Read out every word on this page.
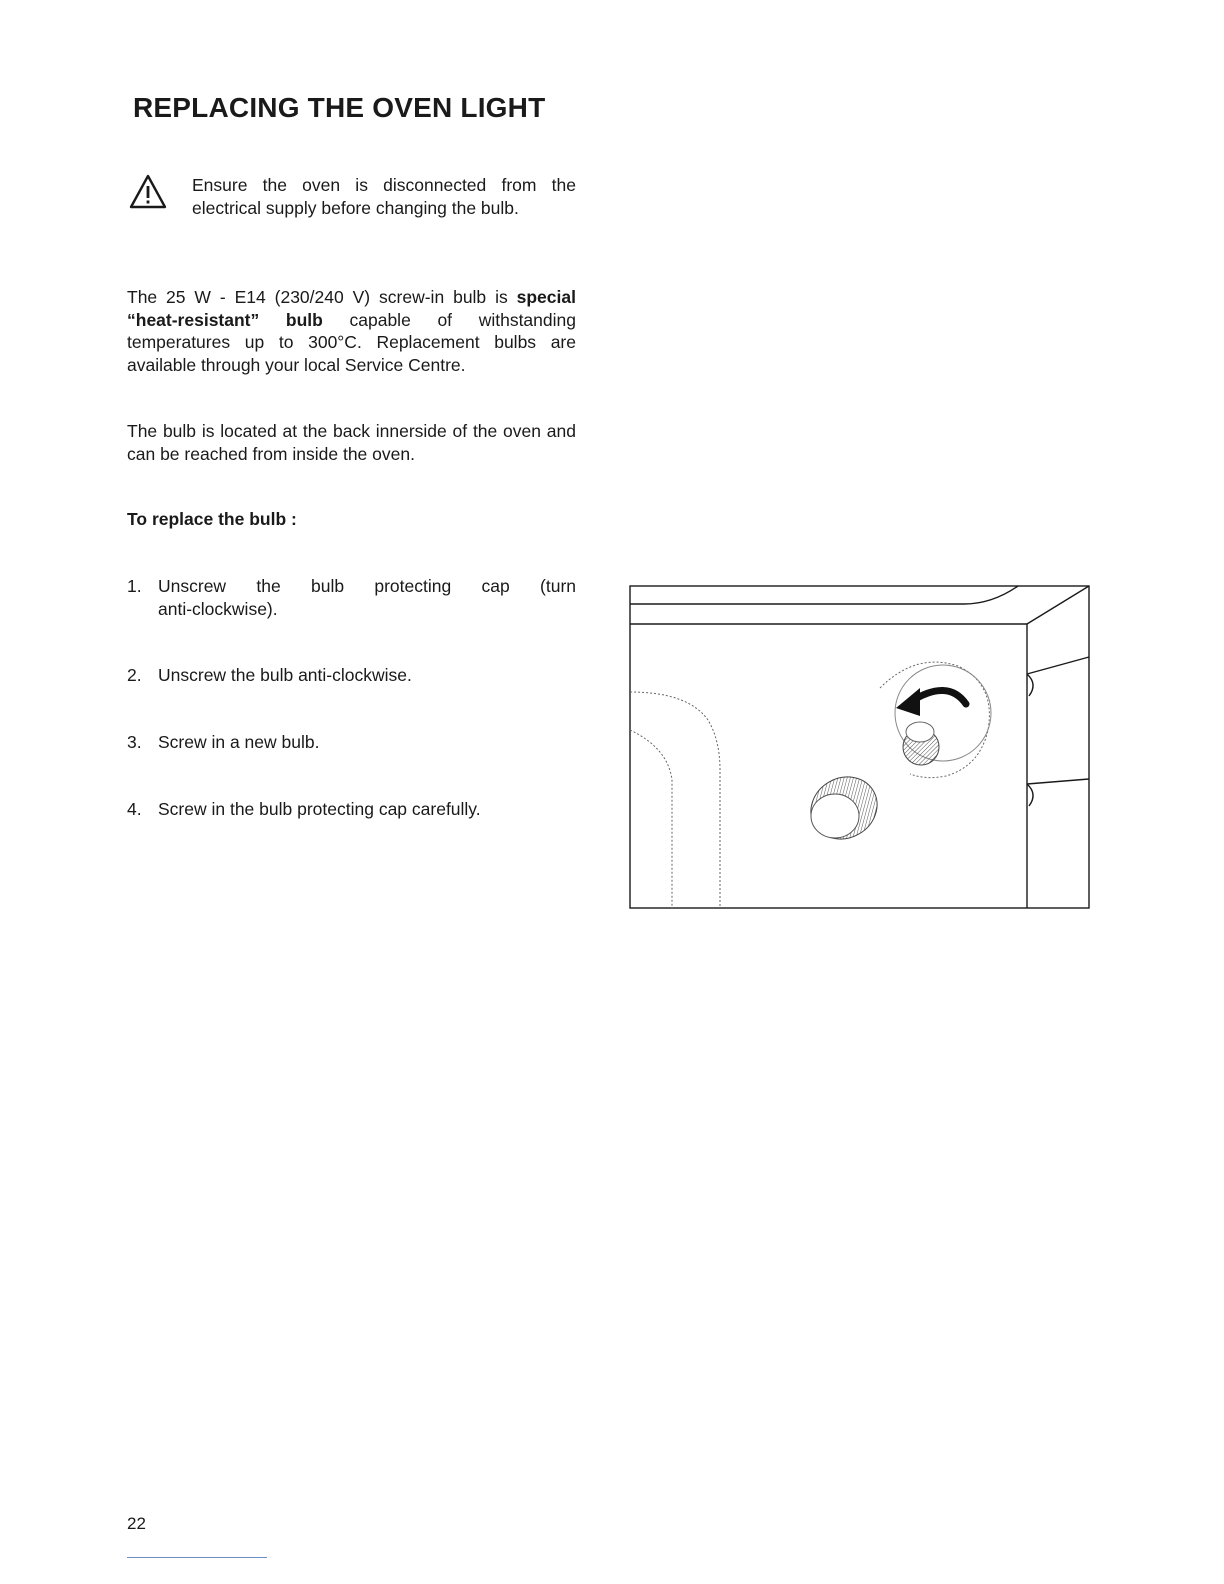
REPLACING THE OVEN LIGHT

Ensure the oven is disconnected from the electrical supply before changing the bulb.

The 25 W - E14 (230/240 V) screw-in bulb is special “heat-resistant” bulb capable of withstanding temperatures up to 300°C. Replacement bulbs are available through your local Service Centre.

The bulb is located at the back innerside of the oven and can be reached from inside the oven.

To replace the bulb :

1. Unscrew the bulb protecting cap (turn
anti-clockwise).
2. Unscrew the bulb anti-clockwise.
3. Screw in a new bulb.
4. Screw in the bulb protecting cap carefully.

22
